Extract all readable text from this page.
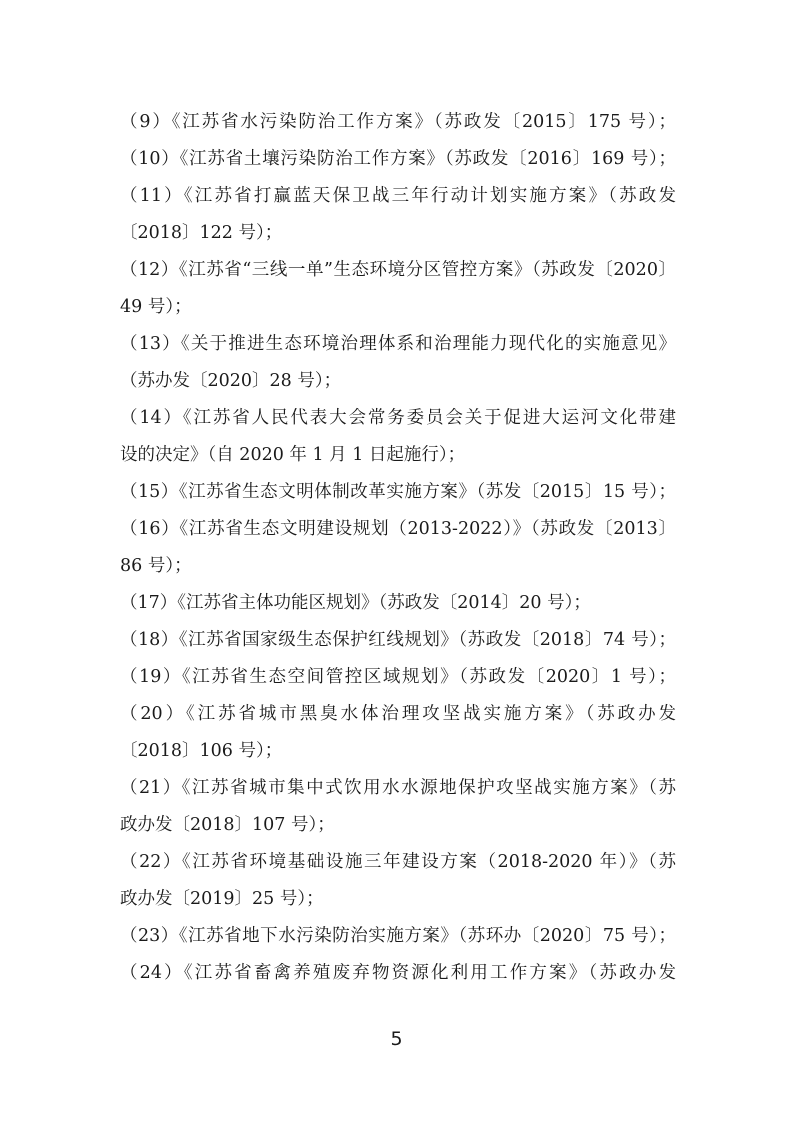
（9）《江苏省水污染防治工作方案》（苏政发〔2015〕175 号）；
（10）《江苏省土壤污染防治工作方案》（苏政发〔2016〕169 号）；
（11）《江苏省打赢蓝天保卫战三年行动计划实施方案》（苏政发
〔2018〕122 号）；
（12）《江苏省“三线一单”生态环境分区管控方案》（苏政发〔2020〕
49 号）；
（13）《关于推进生态环境治理体系和治理能力现代化的实施意见》
（苏办发〔2020〕28 号）；
（14）《江苏省人民代表大会常务委员会关于促进大运河文化带建
设的决定》（自 2020 年 1 月 1 日起施行）；
（15）《江苏省生态文明体制改革实施方案》（苏发〔2015〕15 号）；
（16）《江苏省生态文明建设规划（2013-2022）》（苏政发〔2013〕
86 号）；
（17）《江苏省主体功能区规划》（苏政发〔2014〕20 号）；
（18）《江苏省国家级生态保护红线规划》（苏政发〔2018〕74 号）；
（19）《江苏省生态空间管控区域规划》（苏政发〔2020〕1 号）；
（20）《江苏省城市黑臭水体治理攻坚战实施方案》（苏政办发
〔2018〕106 号）；
（21）《江苏省城市集中式饮用水水源地保护攻坚战实施方案》（苏
政办发〔2018〕107 号）；
（22）《江苏省环境基础设施三年建设方案（2018-2020 年）》（苏
政办发〔2019〕25 号）；
（23）《江苏省地下水污染防治实施方案》（苏环办〔2020〕75 号）；
（24）《江苏省畜禽养殖废弃物资源化利用工作方案》（苏政办发
5
